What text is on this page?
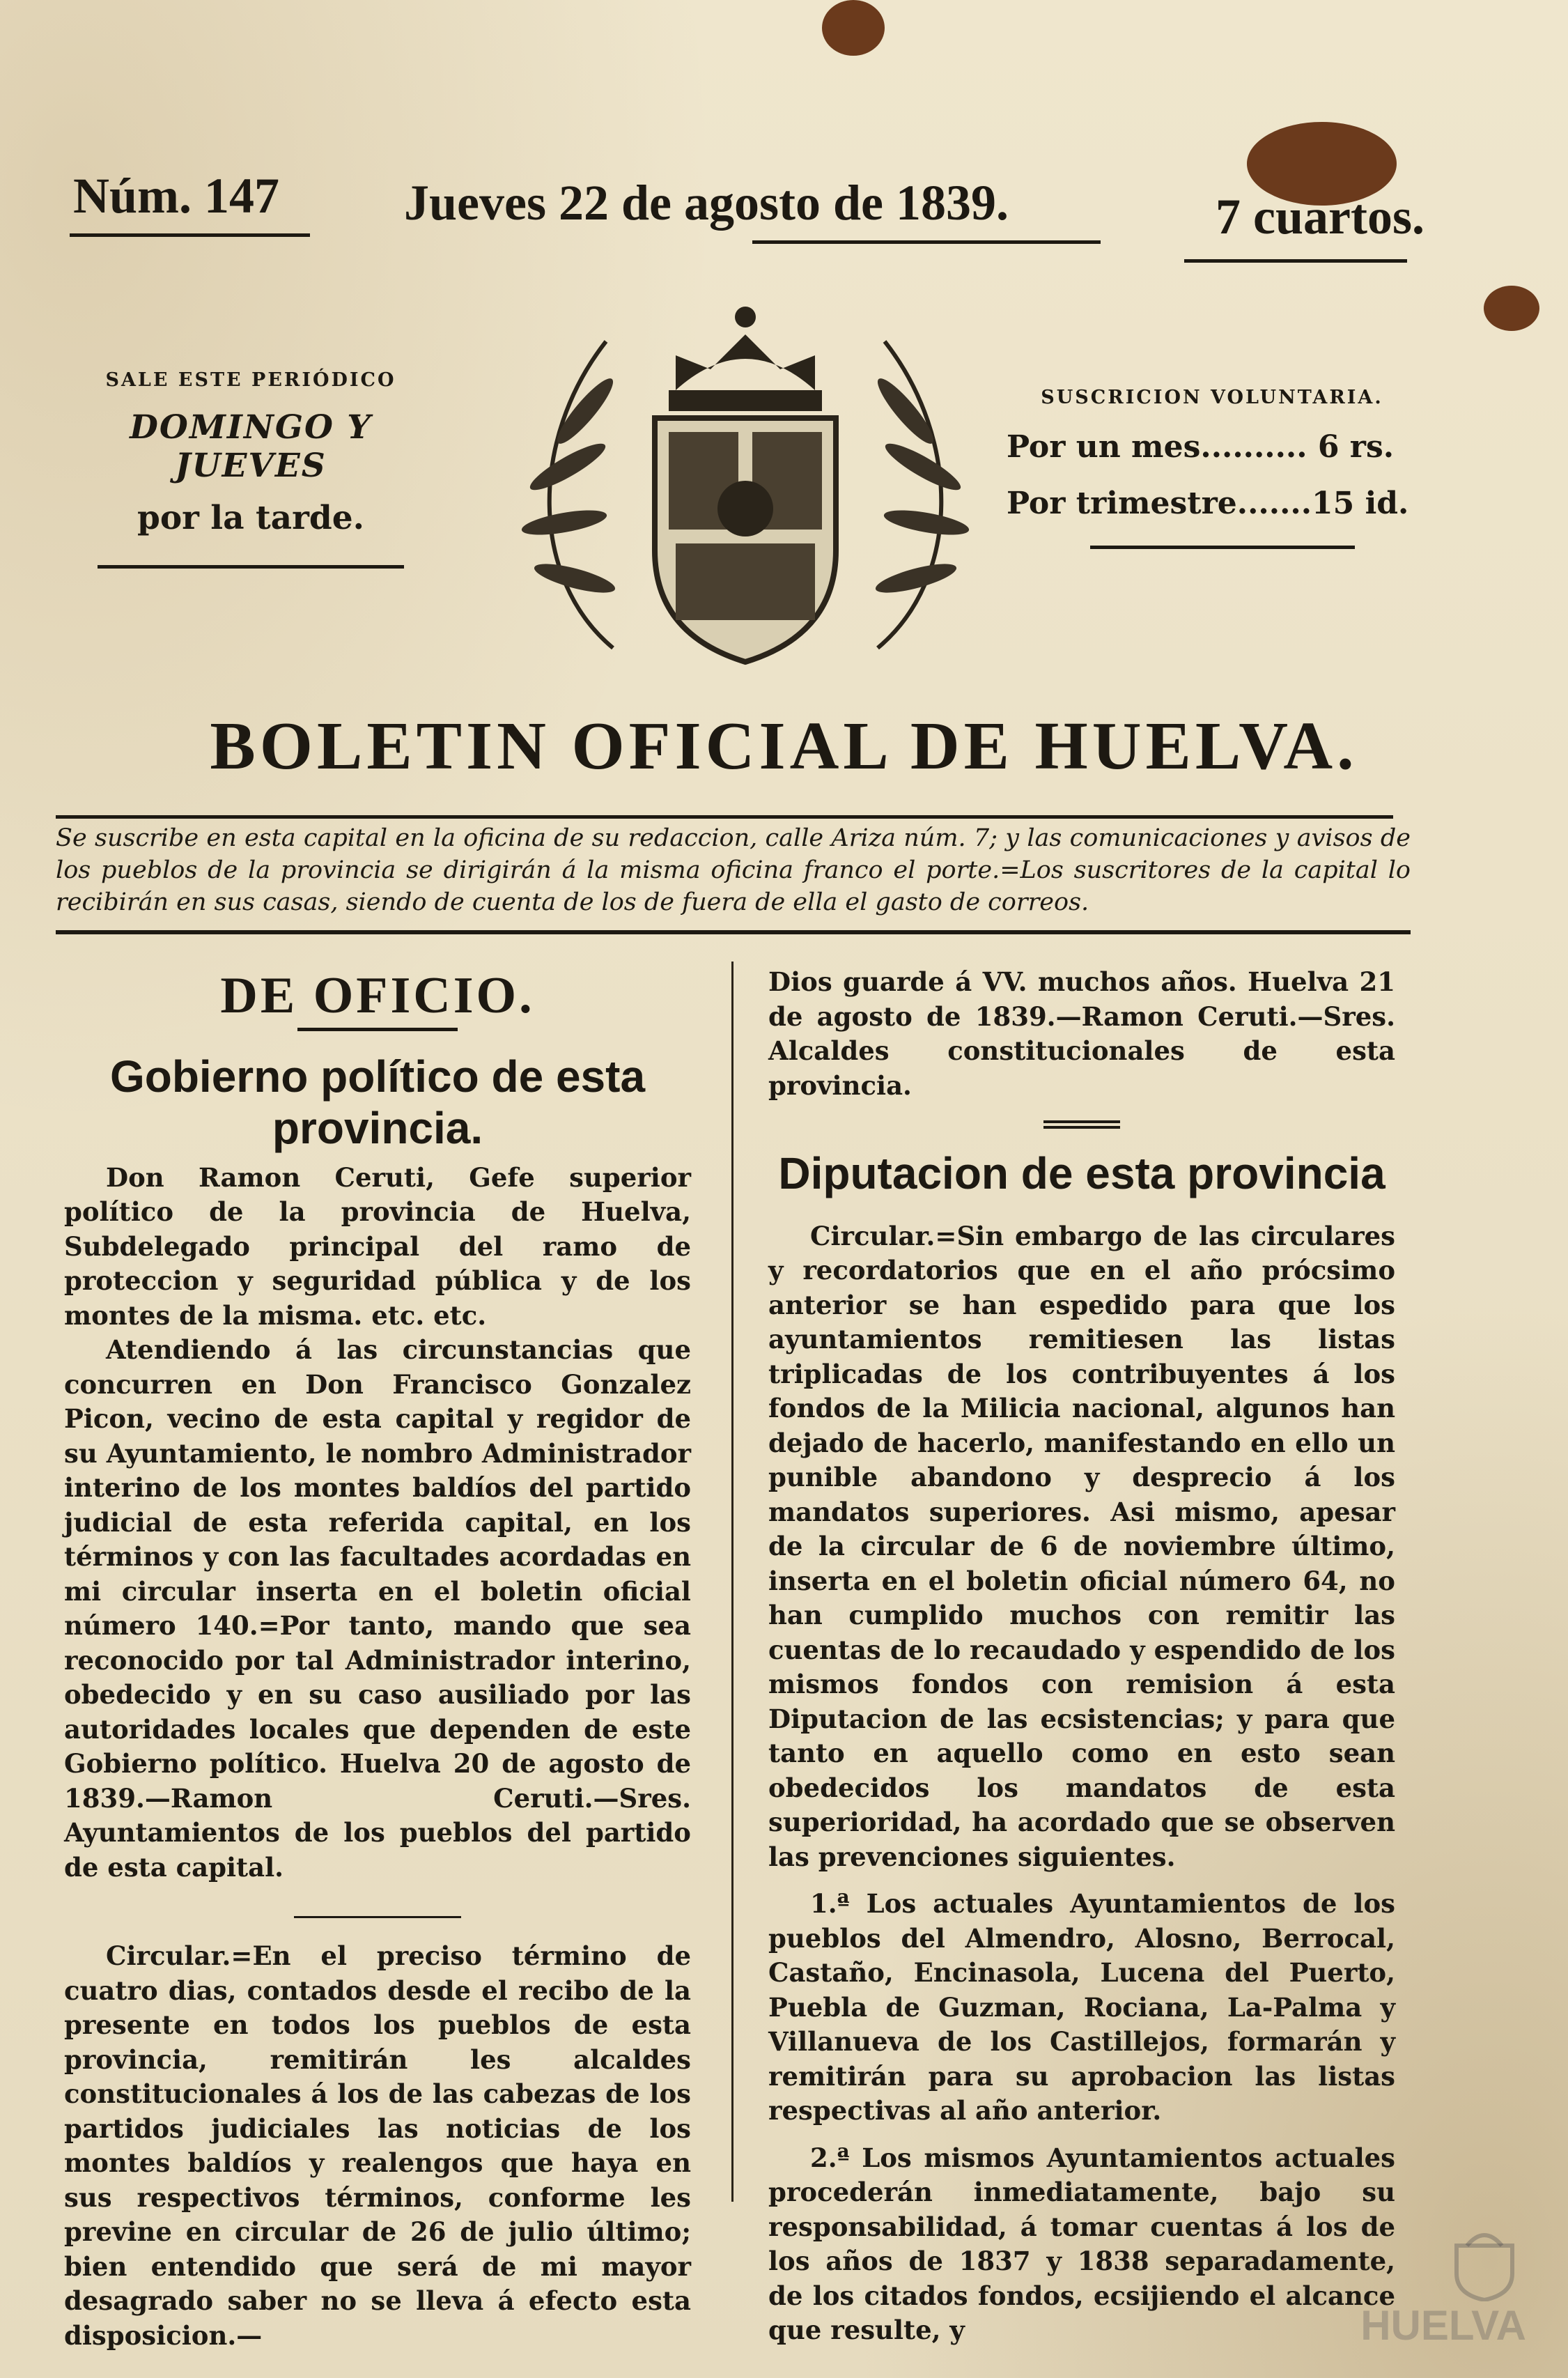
Núm. 147 Jueves 22 de agosto de 1839.	7 cuartos.
SALE ESTE PERIÓDICO
DOMINGO Y JUEVES
por la tarde.
SUSCRICION VOLUNTARIA.
Por un mes.......... 6 rs.
Por trimestre.......15 id.
BOLETIN OFICIAL DE HUELVA.
Se suscribe en esta capital en la oficina de su redaccion, calle Ariza núm. 7; y las comunicaciones y avisos de los pueblos de la provincia se dirigirán á la misma oficina franco el porte.=Los suscritores de la capital lo recibirán en sus casas, siendo de cuenta de los de fuera de ella el gasto de correos.
DE OFICIO.
Gobierno político de esta provincia.

Don Ramon Ceruti, Gefe superior político de la provincia de Huelva, Subdelegado principal del ramo de proteccion y seguridad pública y de los montes de la misma. etc. etc.

Atendiendo á las circunstancias que concurren en Don Francisco Gonzalez Picon, vecino de esta capital y regidor de su Ayuntamiento, le nombro Administrador interino de los montes baldíos del partido judicial de esta referida capital, en los términos y con las facultades acordadas en mi circular inserta en el boletin oficial número 140.=Por tanto, mando que sea reconocido por tal Administrador interino, obedecido y en su caso ausiliado por las autoridades locales que dependen de este Gobierno político. Huelva 20 de agosto de 1839.—Ramon Ceruti.—Sres. Ayuntamientos de los pueblos del partido de esta capital.

Circular.=En el preciso término de cuatro dias, contados desde el recibo de la presente en todos los pueblos de esta provincia, remitirán les alcaldes constitucionales á los de las cabezas de los partidos judiciales las noticias de los montes baldíos y realengos que haya en sus respectivos términos, conforme les previne en circular de 26 de julio último; bien entendido que será de mi mayor desagrado saber no se lleva á efecto esta disposicion.—

Dios guarde á VV. muchos años. Huelva 21 de agosto de 1839.—Ramon Ceruti.—Sres. Alcaldes constitucionales de esta provincia.

Diputacion de esta provincia

Circular.=Sin embargo de las circulares y recordatorios que en el año prócsimo anterior se han espedido para que los ayuntamientos remitiesen las listas triplicadas de los contribuyentes á los fondos de la Milicia nacional, algunos han dejado de hacerlo, manifestando en ello un punible abandono y desprecio á los mandatos superiores. Asi mismo, apesar de la circular de 6 de noviembre último, inserta en el boletin oficial número 64, no han cumplido muchos con remitir las cuentas de lo recaudado y espendido de los mismos fondos con remision á esta Diputacion de las ecsistencias; y para que tanto en aquello como en esto sean obedecidos los mandatos de esta superioridad, ha acordado que se observen las prevenciones siguientes.

1.ª Los actuales Ayuntamientos de los pueblos del Almendro, Alosno, Berrocal, Castaño, Encinasola, Lucena del Puerto, Puebla de Guzman, Rociana, La-Palma y Villanueva de los Castillejos, formarán y remitirán para su aprobacion las listas respectivas al año anterior.

2.ª Los mismos Ayuntamientos actuales procederán inmediatamente, bajo su responsabilidad, á tomar cuentas á los de los años de 1837 y 1838 separadamente, de los citados fondos, ecsijiendo el alcance que resulte, y	HUELVA
